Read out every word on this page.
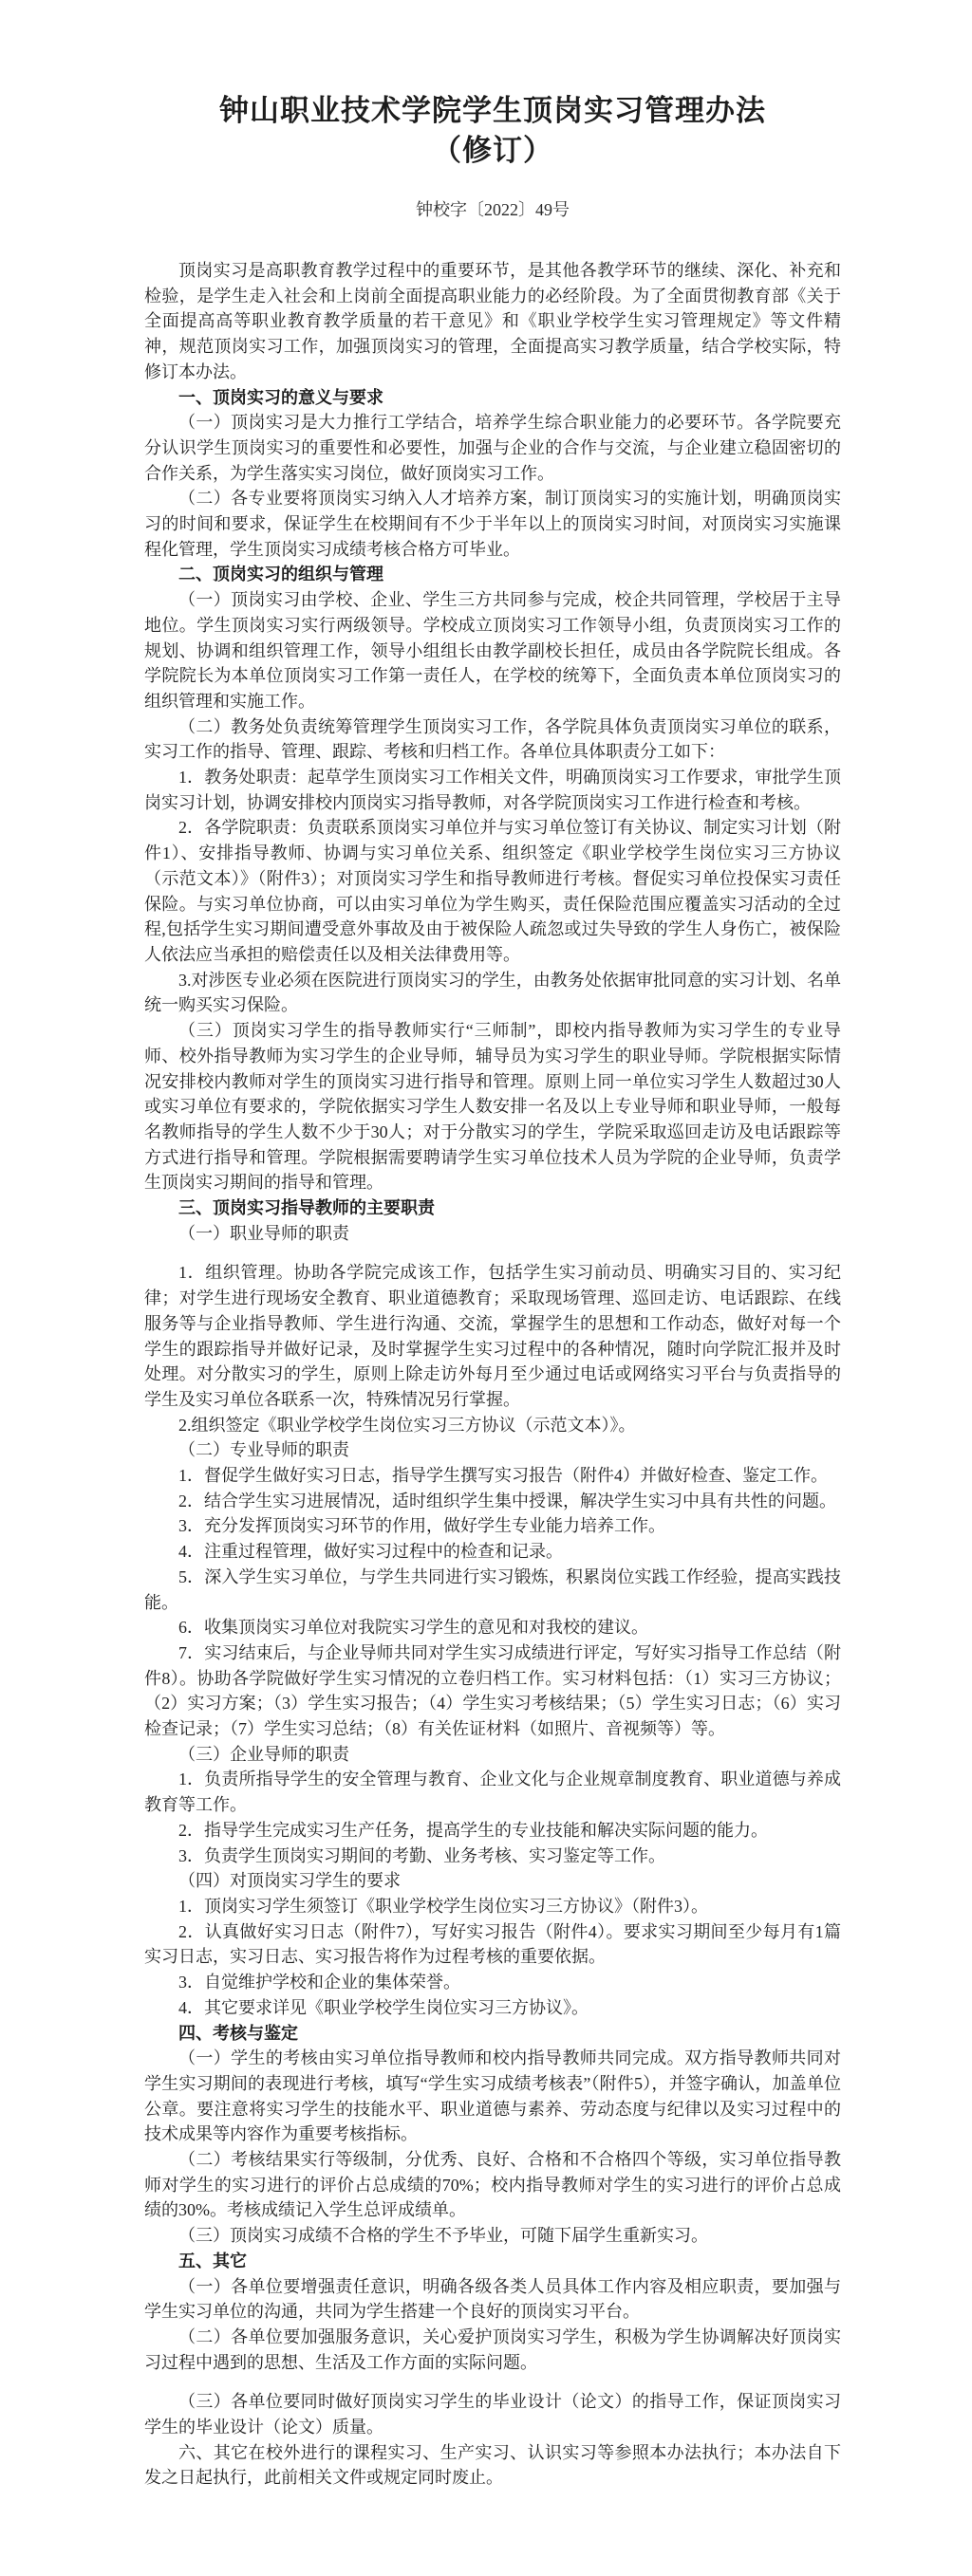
钟山职业技术学院学生顶岗实习管理办法
（修订）
钟校字〔2022〕49号

顶岗实习是高职教育教学过程中的重要环节，是其他各教学环节的继续、深化、补充和检验，是学生走入社会和上岗前全面提高职业能力的必经阶段。为了全面贯彻教育部《关于全面提高高等职业教育教学质量的若干意见》和《职业学校学生实习管理规定》等文件精神，规范顶岗实习工作，加强顶岗实习的管理，全面提高实习教学质量，结合学校实际，特修订本办法。

一、顶岗实习的意义与要求

（一）顶岗实习是大力推行工学结合，培养学生综合职业能力的必要环节。各学院要充分认识学生顶岗实习的重要性和必要性，加强与企业的合作与交流，与企业建立稳固密切的合作关系，为学生落实实习岗位，做好顶岗实习工作。

（二）各专业要将顶岗实习纳入人才培养方案，制订顶岗实习的实施计划，明确顶岗实习的时间和要求，保证学生在校期间有不少于半年以上的顶岗实习时间，对顶岗实习实施课程化管理，学生顶岗实习成绩考核合格方可毕业。

二、顶岗实习的组织与管理

（一）顶岗实习由学校、企业、学生三方共同参与完成，校企共同管理，学校居于主导地位。学生顶岗实习实行两级领导。学校成立顶岗实习工作领导小组，负责顶岗实习工作的规划、协调和组织管理工作，领导小组组长由教学副校长担任，成员由各学院院长组成。各学院院长为本单位顶岗实习工作第一责任人，在学校的统筹下，全面负责本单位顶岗实习的组织管理和实施工作。

（二）教务处负责统筹管理学生顶岗实习工作，各学院具体负责顶岗实习单位的联系，实习工作的指导、管理、跟踪、考核和归档工作。各单位具体职责分工如下：

1．教务处职责：起草学生顶岗实习工作相关文件，明确顶岗实习工作要求，审批学生顶岗实习计划，协调安排校内顶岗实习指导教师，对各学院顶岗实习工作进行检查和考核。

2．各学院职责：负责联系顶岗实习单位并与实习单位签订有关协议、制定实习计划（附件1）、安排指导教师、协调与实习单位关系、组织签定《职业学校学生岗位实习三方协议（示范文本）》（附件3）；对顶岗实习学生和指导教师进行考核。督促实习单位投保实习责任保险。与实习单位协商，可以由实习单位为学生购买，责任保险范围应覆盖实习活动的全过程,包括学生实习期间遭受意外事故及由于被保险人疏忽或过失导致的学生人身伤亡，被保险人依法应当承担的赔偿责任以及相关法律费用等。

3.对涉医专业必须在医院进行顶岗实习的学生，由教务处依据审批同意的实习计划、名单统一购买实习保险。

（三）顶岗实习学生的指导教师实行“三师制”，即校内指导教师为实习学生的专业导师、校外指导教师为实习学生的企业导师，辅导员为实习学生的职业导师。学院根据实际情况安排校内教师对学生的顶岗实习进行指导和管理。原则上同一单位实习学生人数超过30人或实习单位有要求的，学院依据实习学生人数安排一名及以上专业导师和职业导师，一般每名教师指导的学生人数不少于30人；对于分散实习的学生，学院采取巡回走访及电话跟踪等方式进行指导和管理。学院根据需要聘请学生实习单位技术人员为学院的企业导师，负责学生顶岗实习期间的指导和管理。

三、顶岗实习指导教师的主要职责

（一）职业导师的职责

1．组织管理。协助各学院完成该工作，包括学生实习前动员、明确实习目的、实习纪律；对学生进行现场安全教育、职业道德教育；采取现场管理、巡回走访、电话跟踪、在线服务等与企业指导教师、学生进行沟通、交流，掌握学生的思想和工作动态，做好对每一个学生的跟踪指导并做好记录，及时掌握学生实习过程中的各种情况，随时向学院汇报并及时处理。对分散实习的学生，原则上除走访外每月至少通过电话或网络实习平台与负责指导的学生及实习单位各联系一次，特殊情况另行掌握。

2.组织签定《职业学校学生岗位实习三方协议（示范文本）》。

（二）专业导师的职责

1．督促学生做好实习日志，指导学生撰写实习报告（附件4）并做好检查、鉴定工作。

2．结合学生实习进展情况，适时组织学生集中授课，解决学生实习中具有共性的问题。

3．充分发挥顶岗实习环节的作用，做好学生专业能力培养工作。

4．注重过程管理，做好实习过程中的检查和记录。

5．深入学生实习单位，与学生共同进行实习锻炼，积累岗位实践工作经验，提高实践技能。

6．收集顶岗实习单位对我院实习学生的意见和对我校的建议。

7．实习结束后，与企业导师共同对学生实习成绩进行评定，写好实习指导工作总结（附件8）。协助各学院做好学生实习情况的立卷归档工作。实习材料包括：（1）实习三方协议；（2）实习方案；（3）学生实习报告；（4）学生实习考核结果；（5）学生实习日志；（6）实习检查记录；（7）学生实习总结；（8）有关佐证材料（如照片、音视频等）等。

（三）企业导师的职责

1．负责所指导学生的安全管理与教育、企业文化与企业规章制度教育、职业道德与养成教育等工作。

2．指导学生完成实习生产任务，提高学生的专业技能和解决实际问题的能力。

3．负责学生顶岗实习期间的考勤、业务考核、实习鉴定等工作。

（四）对顶岗实习学生的要求

1．顶岗实习学生须签订《职业学校学生岗位实习三方协议》（附件3）。

2．认真做好实习日志（附件7），写好实习报告（附件4）。要求实习期间至少每月有1篇实习日志，实习日志、实习报告将作为过程考核的重要依据。

3．自觉维护学校和企业的集体荣誉。

4．其它要求详见《职业学校学生岗位实习三方协议》。

四、考核与鉴定

（一）学生的考核由实习单位指导教师和校内指导教师共同完成。双方指导教师共同对学生实习期间的表现进行考核，填写“学生实习成绩考核表”（附件5），并签字确认，加盖单位公章。要注意将实习学生的技能水平、职业道德与素养、劳动态度与纪律以及实习过程中的技术成果等内容作为重要考核指标。

（二）考核结果实行等级制，分优秀、良好、合格和不合格四个等级，实习单位指导教师对学生的实习进行的评价占总成绩的70%；校内指导教师对学生的实习进行的评价占总成绩的30%。考核成绩记入学生总评成绩单。

（三）顶岗实习成绩不合格的学生不予毕业，可随下届学生重新实习。

五、其它

（一）各单位要增强责任意识，明确各级各类人员具体工作内容及相应职责，要加强与学生实习单位的沟通，共同为学生搭建一个良好的顶岗实习平台。

（二）各单位要加强服务意识，关心爱护顶岗实习学生，积极为学生协调解决好顶岗实习过程中遇到的思想、生活及工作方面的实际问题。

（三）各单位要同时做好顶岗实习学生的毕业设计（论文）的指导工作，保证顶岗实习学生的毕业设计（论文）质量。

六、其它在校外进行的课程实习、生产实习、认识实习等参照本办法执行；本办法自下发之日起执行，此前相关文件或规定同时废止。
